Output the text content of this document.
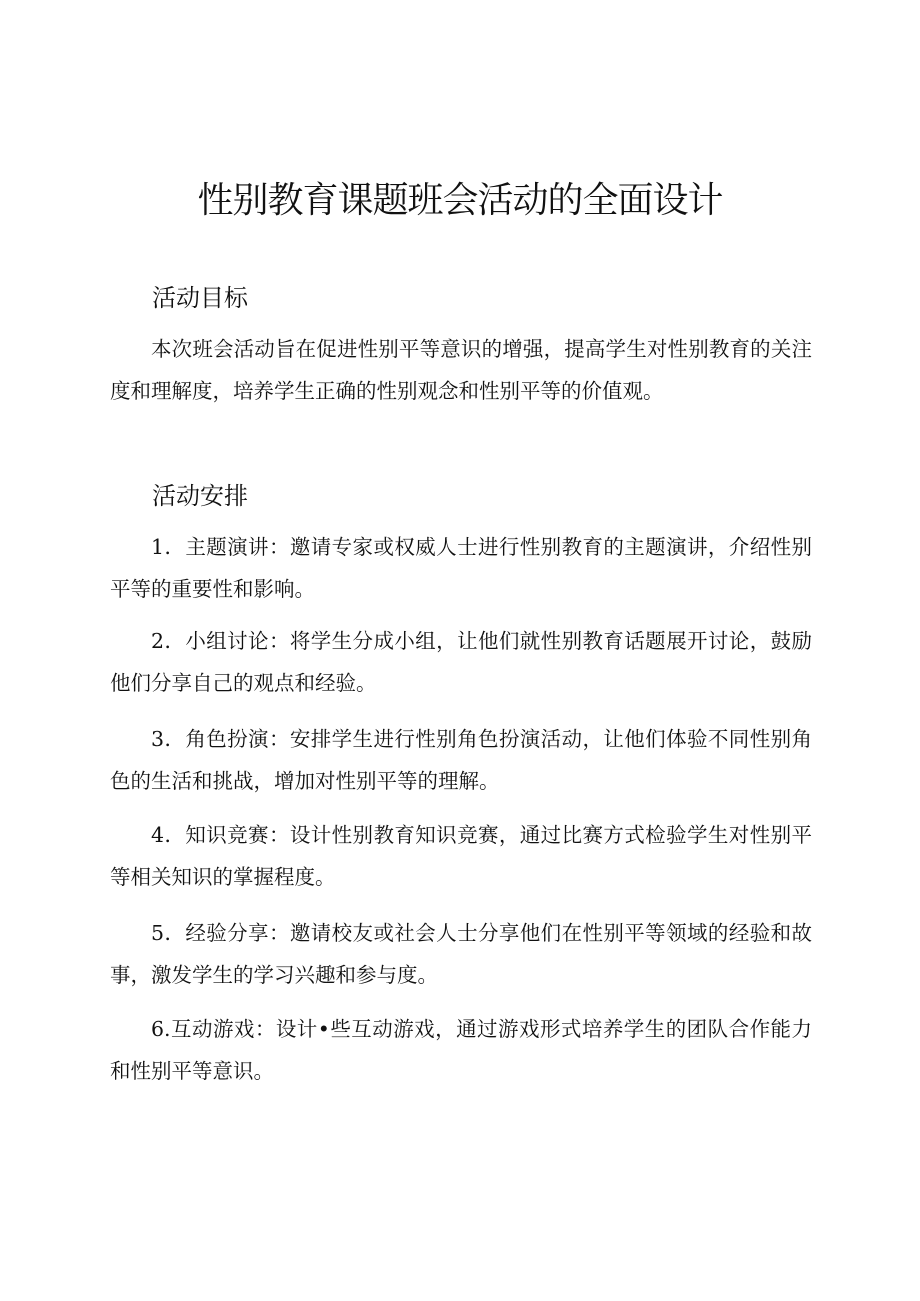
性别教育课题班会活动的全面设计
活动目标

本次班会活动旨在促进性别平等意识的增强，提高学生对性别教育的关注度和理解度，培养学生正确的性别观念和性别平等的价值观。

活动安排

1．主题演讲：邀请专家或权威人士进行性别教育的主题演讲，介绍性别平等的重要性和影响。

2．小组讨论：将学生分成小组，让他们就性别教育话题展开讨论，鼓励他们分享自己的观点和经验。

3．角色扮演：安排学生进行性别角色扮演活动，让他们体验不同性别角色的生活和挑战，增加对性别平等的理解。

4．知识竞赛：设计性别教育知识竞赛，通过比赛方式检验学生对性别平等相关知识的掌握程度。

5．经验分享：邀请校友或社会人士分享他们在性别平等领域的经验和故事，激发学生的学习兴趣和参与度。

6.互动游戏：设计•些互动游戏，通过游戏形式培养学生的团队合作能力和性别平等意识。
